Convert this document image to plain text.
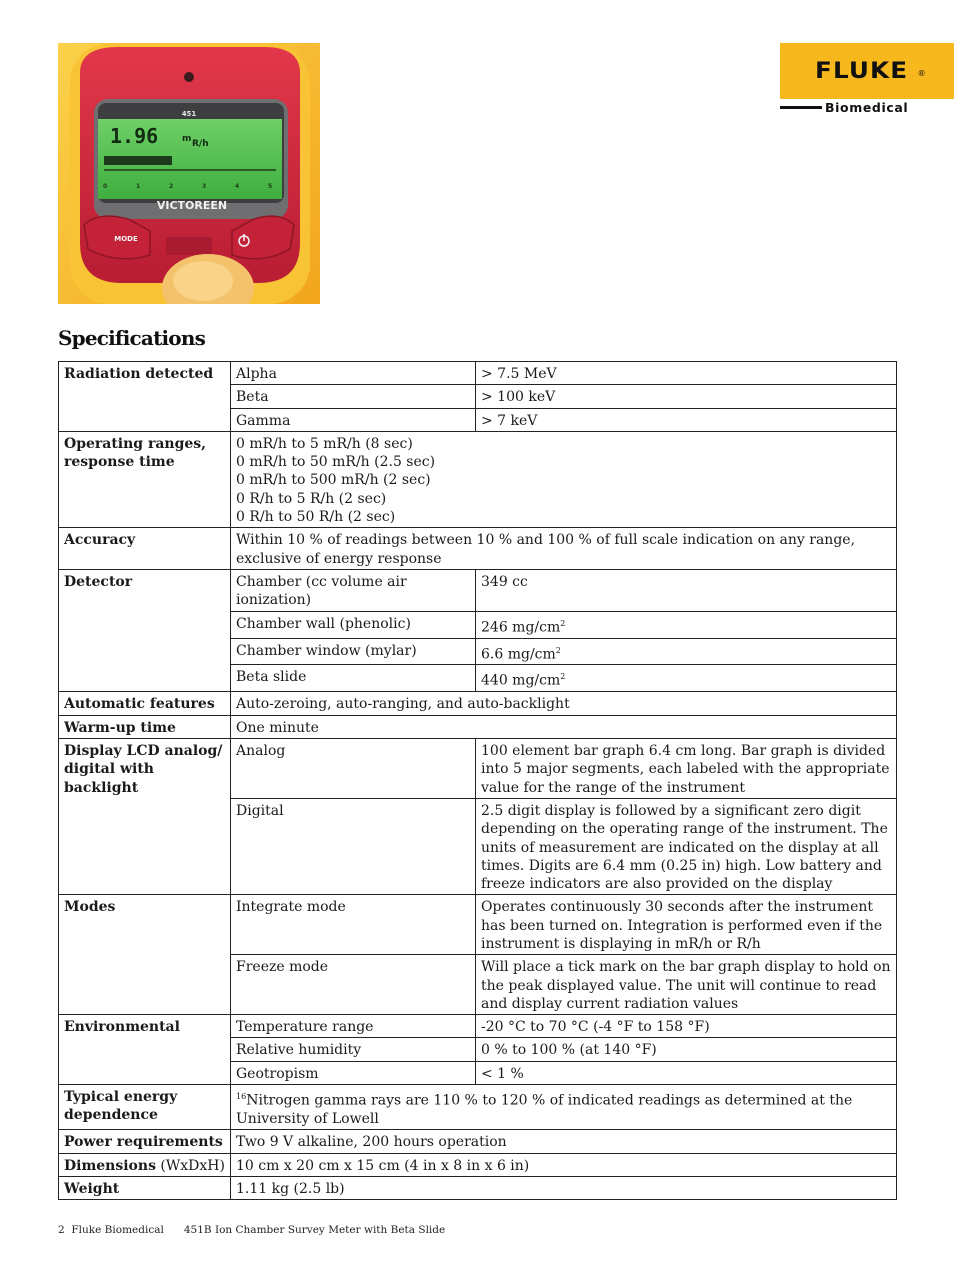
451
1.96	m R/h
0	1	2	3	4	5
VICTOREEN
MODE
FLUKE ®
Biomedical
Specifications
Radiation detected	Alpha	> 7.5 MeV
	Beta	> 100 keV
	Gamma	> 7 keV
Operating ranges, response time	0 mR/h to 5 mR/h (8 sec)
0 mR/h to 50 mR/h (2.5 sec)
0 mR/h to 500 mR/h (2 sec)
0 R/h to 5 R/h (2 sec)
0 R/h to 50 R/h (2 sec)	

Accuracy	Within 10 % of readings between 10 % and 100 % of full scale indication on any range, exclusive of energy response	
Detector	Chamber (cc volume air ionization)	349 cc
	Chamber wall (phenolic)	246 $mg/cm^2$
	Chamber window (mylar)	6.6 $mg/cm^2$
	Beta slide	440 $mg/cm^2$
Automatic features	Auto-zeroing, auto-ranging, and auto-backlight	
Warm-up time	One minute	
Display LCD analog/ digital with backlight	Analog	100 element bar graph 6.4 cm long. Bar graph is divided into 5 major segments, each labeled with the appropriate value for the range of the instrument
	Digital	2.5 digit display is followed by a significant zero digit depending on the operating range of the instrument. The units of measurement are indicated on the display at all times. Digits are 6.4 mm (0.25 in) high. Low battery and freeze indicators are also provided on the display
Modes	Integrate mode	Operates continuously 30 seconds after the instrument has been turned on. Integration is performed even if the instrument is displaying in mR/h or R/h
	Freeze mode	Will place a tick mark on the bar graph display to hold on the peak displayed value. The unit will continue to read and display current radiation values
Environmental	Temperature range	-20 °C to 70 °C (-4 °F to 158 °F)
	Relative humidity	0 % to 100 % (at 140 °F)
	Geotropism	< 1 %
Typical energy dependence	$^{16}$Nitrogen gamma rays are 110 % to 120 % of indicated readings as determined at the University of Lowell	
Power requirements	Two 9 V alkaline, 200 hours operation	
Dimensions (WxDxH)	10 cm x 20 cm x 15 cm (4 in x 8 in x 6 in)	
Weight	1.11 kg (2.5 lb)	
2  Fluke Biomedical      451B Ion Chamber Survey Meter with Beta Slide
